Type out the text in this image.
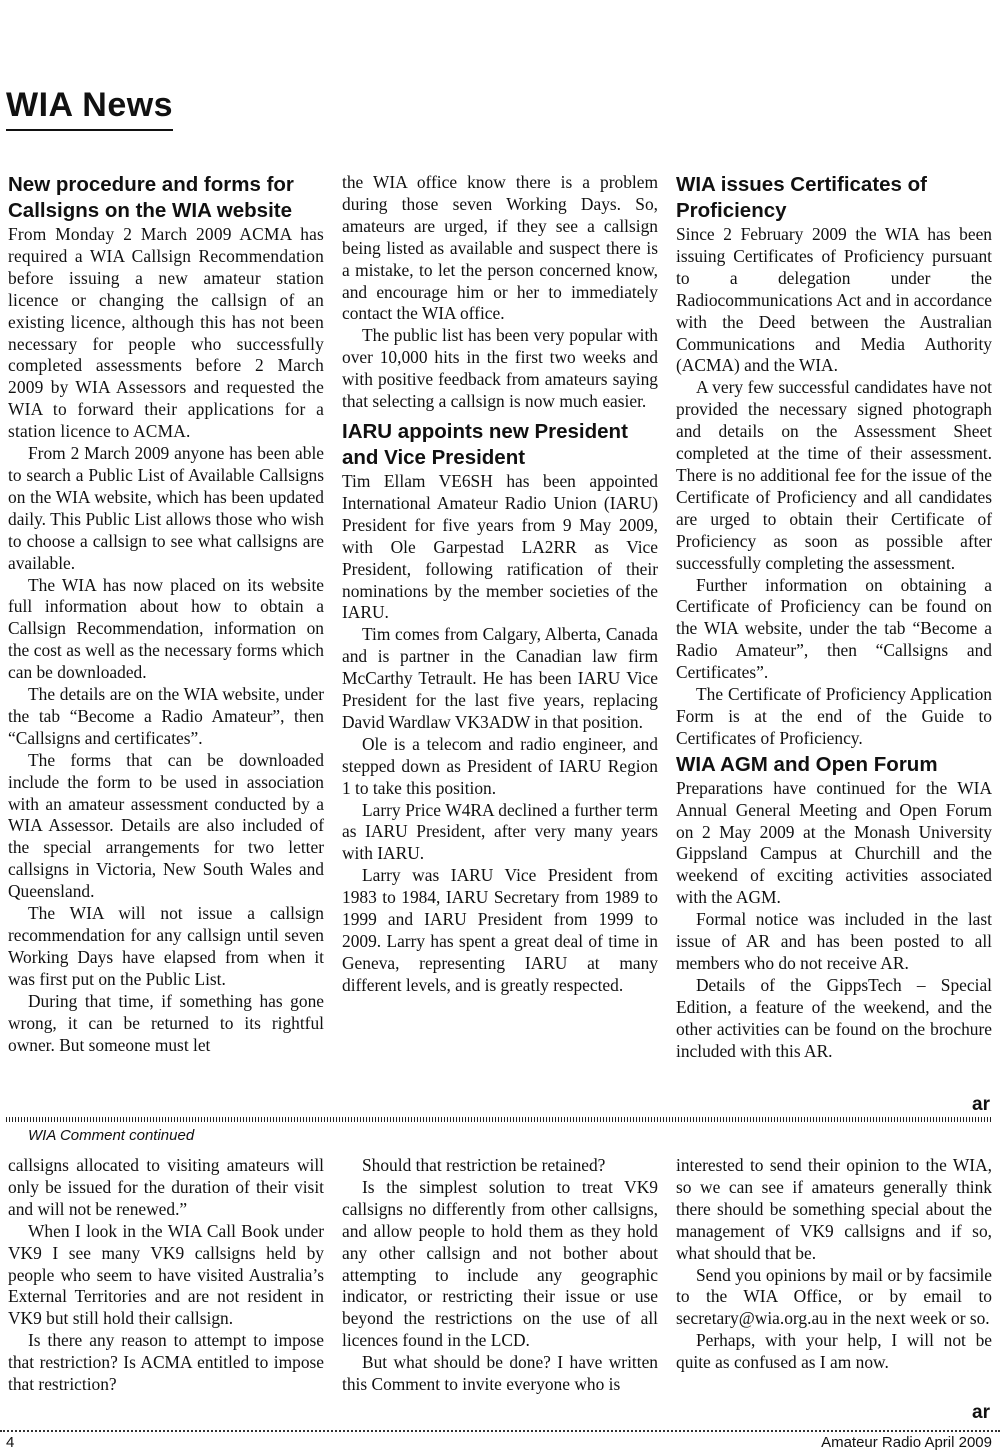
WIA News
New procedure and forms for Callsigns on the WIA website

From Monday 2 March 2009 ACMA has required a WIA Callsign Recommendation before issuing a new amateur station licence or changing the callsign of an existing licence, although this has not been necessary for people who successfully completed assessments before 2 March 2009 by WIA Assessors and requested the WIA to forward their applications for a station licence to ACMA.

From 2 March 2009 anyone has been able to search a Public List of Available Callsigns on the WIA website, which has been updated daily. This Public List allows those who wish to choose a callsign to see what callsigns are available.

The WIA has now placed on its website full information about how to obtain a Callsign Recommendation, information on the cost as well as the necessary forms which can be downloaded.

The details are on the WIA website, under the tab “Become a Radio Amateur”, then “Callsigns and certificates”.

The forms that can be downloaded include the form to be used in association with an amateur assessment conducted by a WIA Assessor. Details are also included of the special arrangements for two letter callsigns in Victoria, New South Wales and Queensland.

The WIA will not issue a callsign recommendation for any callsign until seven Working Days have elapsed from when it was first put on the Public List.

During that time, if something has gone wrong, it can be returned to its rightful owner. But someone must let

the WIA office know there is a problem during those seven Working Days. So, amateurs are urged, if they see a callsign being listed as available and suspect there is a mistake, to let the person concerned know, and encourage him or her to immediately contact the WIA office.

The public list has been very popular with over 10,000 hits in the first two weeks and with positive feedback from amateurs saying that selecting a callsign is now much easier.

IARU appoints new President and Vice President

Tim Ellam VE6SH has been appointed International Amateur Radio Union (IARU) President for five years from 9 May 2009, with Ole Garpestad LA2RR as Vice President, following ratification of their nominations by the member societies of the IARU.

Tim comes from Calgary, Alberta, Canada and is partner in the Canadian law firm McCarthy Tetrault. He has been IARU Vice President for the last five years, replacing David Wardlaw VK3ADW in that position.

Ole is a telecom and radio engineer, and stepped down as President of IARU Region 1 to take this position.

Larry Price W4RA declined a further term as IARU President, after very many years with IARU.

Larry was IARU Vice President from 1983 to 1984, IARU Secretary from 1989 to 1999 and IARU President from 1999 to 2009. Larry has spent a great deal of time in Geneva, representing IARU at many different levels, and is greatly respected.

WIA issues Certificates of Proficiency

Since 2 February 2009 the WIA has been issuing Certificates of Proficiency pursuant to a delegation under the Radiocommunications Act and in accordance with the Deed between the Australian Communications and Media Authority (ACMA) and the WIA.

A very few successful candidates have not provided the necessary signed photograph and details on the Assessment Sheet completed at the time of their assessment. There is no additional fee for the issue of the Certificate of Proficiency and all candidates are urged to obtain their Certificate of Proficiency as soon as possible after successfully completing the assessment.

Further information on obtaining a Certificate of Proficiency can be found on the WIA website, under the tab “Become a Radio Amateur”, then “Callsigns and Certificates”.

The Certificate of Proficiency Application Form is at the end of the Guide to Certificates of Proficiency.

WIA AGM and Open Forum

Preparations have continued for the WIA Annual General Meeting and Open Forum on 2 May 2009 at the Monash University Gippsland Campus at Churchill and the weekend of exciting activities associated with the AGM.

Formal notice was included in the last issue of AR and has been posted to all members who do not receive AR.

Details of the GippsTech – Special Edition, a feature of the weekend, and the other activities can be found on the brochure included with this AR.

ar
WIA Comment continued

callsigns allocated to visiting amateurs will only be issued for the duration of their visit and will not be renewed.”

When I look in the WIA Call Book under VK9 I see many VK9 callsigns held by people who seem to have visited Australia’s External Territories and are not resident in VK9 but still hold their callsign.

Is there any reason to attempt to impose that restriction? Is ACMA entitled to impose that restriction?

Should that restriction be retained?

Is the simplest solution to treat VK9 callsigns no differently from other callsigns, and allow people to hold them as they hold any other callsign and not bother about attempting to include any geographic indicator, or restricting their issue or use beyond the restrictions on the use of all licences found in the LCD.

But what should be done? I have written this Comment to invite everyone who is

interested to send their opinion to the WIA, so we can see if amateurs generally think there should be something special about the management of VK9 callsigns and if so, what should that be.

Send you opinions by mail or by facsimile to the WIA Office, or by email to secretary@wia.org.au in the next week or so.

Perhaps, with your help, I will not be quite as confused as I am now.

ar
4	Amateur Radio April 2009
